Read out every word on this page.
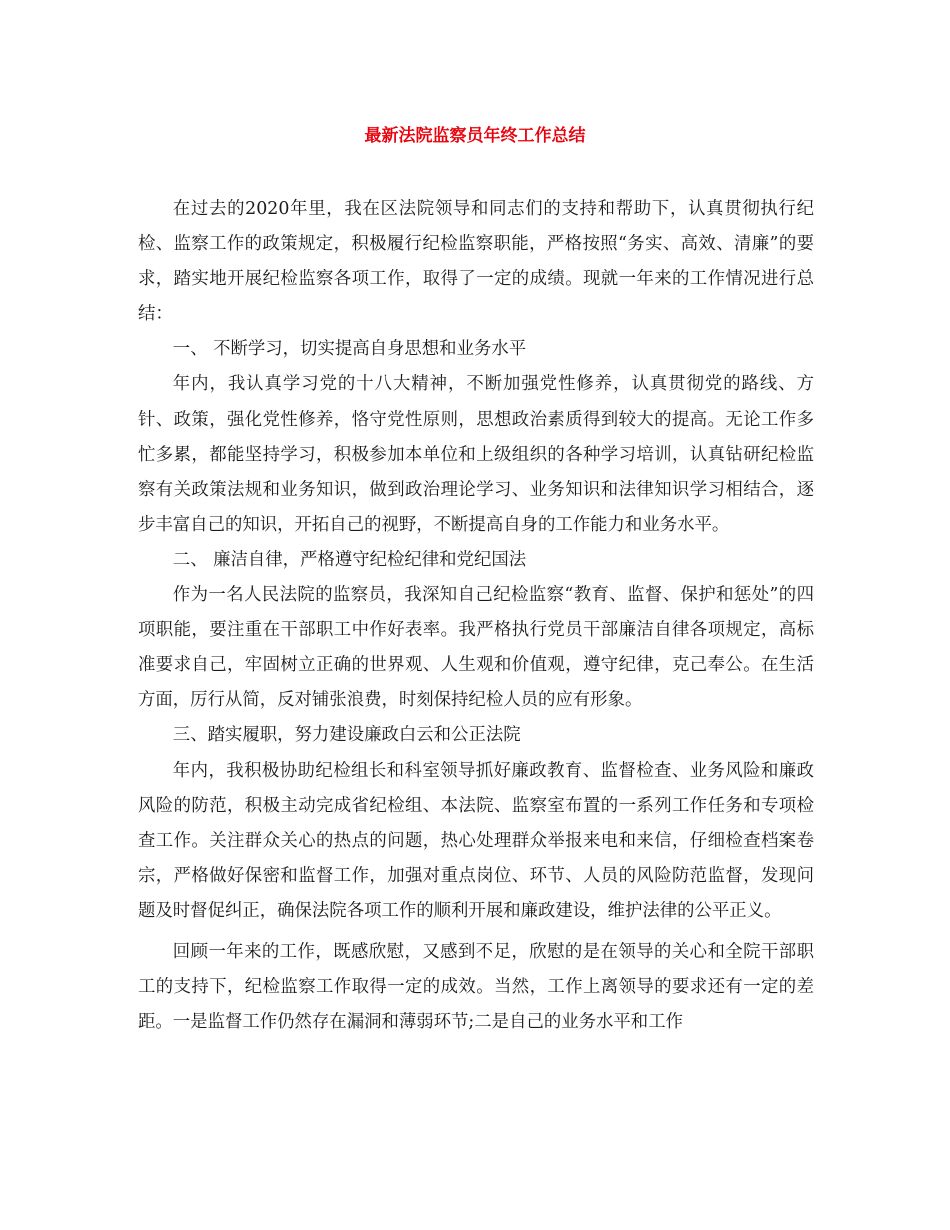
最新法院监察员年终工作总结

在过去的2020年里，我在区法院领导和同志们的支持和帮助下，认真贯彻执行纪检、监察工作的政策规定，积极履行纪检监察职能，严格按照“务实、高效、清廉”的要求，踏实地开展纪检监察各项工作，取得了一定的成绩。现就一年来的工作情况进行总结：

一、 不断学习，切实提高自身思想和业务水平

年内，我认真学习党的十八大精神，不断加强党性修养，认真贯彻党的路线、方针、政策，强化党性修养，恪守党性原则，思想政治素质得到较大的提高。无论工作多忙多累，都能坚持学习，积极参加本单位和上级组织的各种学习培训，认真钻研纪检监察有关政策法规和业务知识，做到政治理论学习、业务知识和法律知识学习相结合，逐步丰富自己的知识，开拓自己的视野，不断提高自身的工作能力和业务水平。

二、 廉洁自律，严格遵守纪检纪律和党纪国法

作为一名人民法院的监察员，我深知自己纪检监察“教育、监督、保护和惩处”的四项职能，要注重在干部职工中作好表率。我严格执行党员干部廉洁自律各项规定，高标准要求自己，牢固树立正确的世界观、人生观和价值观，遵守纪律，克己奉公。在生活方面，厉行从简，反对铺张浪费，时刻保持纪检人员的应有形象。

三、踏实履职，努力建设廉政白云和公正法院

年内，我积极协助纪检组长和科室领导抓好廉政教育、监督检查、业务风险和廉政风险的防范，积极主动完成省纪检组、本法院、监察室布置的一系列工作任务和专项检查工作。关注群众关心的热点的问题，热心处理群众举报来电和来信，仔细检查档案卷宗，严格做好保密和监督工作，加强对重点岗位、环节、人员的风险防范监督，发现问题及时督促纠正，确保法院各项工作的顺利开展和廉政建设，维护法律的公平正义。

回顾一年来的工作，既感欣慰，又感到不足，欣慰的是在领导的关心和全院干部职工的支持下，纪检监察工作取得一定的成效。当然，工作上离领导的要求还有一定的差距。一是监督工作仍然存在漏洞和薄弱环节;二是自己的业务水平和工作
